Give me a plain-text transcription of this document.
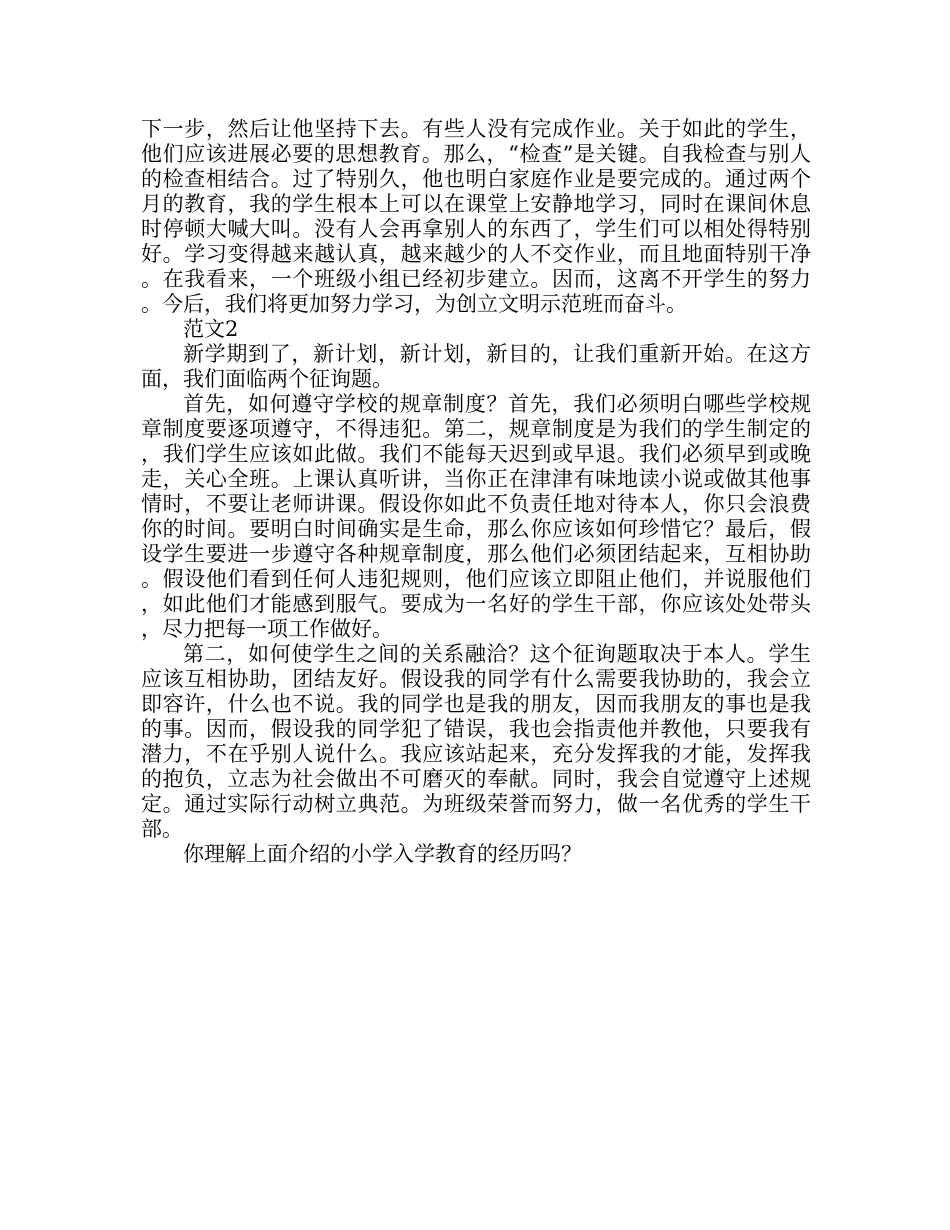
下一步，然后让他坚持下去。有些人没有完成作业。关于如此的学生，他们应该进展必要的思想教育。那么，“检查”是关键。自我检查与别人的检查相结合。过了特别久，他也明白家庭作业是要完成的。通过两个月的教育，我的学生根本上可以在课堂上安静地学习，同时在课间休息时停顿大喊大叫。没有人会再拿别人的东西了，学生们可以相处得特别好。学习变得越来越认真，越来越少的人不交作业，而且地面特别干净。在我看来，一个班级小组已经初步建立。因而，这离不开学生的努力。今后，我们将更加努力学习，为创立文明示范班而奋斗。

范文2

新学期到了，新计划，新计划，新目的，让我们重新开始。在这方面，我们面临两个征询题。

首先，如何遵守学校的规章制度？首先，我们必须明白哪些学校规章制度要逐项遵守，不得违犯。第二，规章制度是为我们的学生制定的，我们学生应该如此做。我们不能每天迟到或早退。我们必须早到或晚走，关心全班。上课认真听讲，当你正在津津有味地读小说或做其他事情时，不要让老师讲课。假设你如此不负责任地对待本人，你只会浪费你的时间。要明白时间确实是生命，那么你应该如何珍惜它？最后，假设学生要进一步遵守各种规章制度，那么他们必须团结起来，互相协助。假设他们看到任何人违犯规则，他们应该立即阻止他们，并说服他们，如此他们才能感到服气。要成为一名好的学生干部，你应该处处带头，尽力把每一项工作做好。

第二，如何使学生之间的关系融洽？这个征询题取决于本人。学生应该互相协助，团结友好。假设我的同学有什么需要我协助的，我会立即容许，什么也不说。我的同学也是我的朋友，因而我朋友的事也是我的事。因而，假设我的同学犯了错误，我也会指责他并教他，只要我有潜力，不在乎别人说什么。我应该站起来，充分发挥我的才能，发挥我的抱负，立志为社会做出不可磨灭的奉献。同时，我会自觉遵守上述规定。通过实际行动树立典范。为班级荣誉而努力，做一名优秀的学生干部。

你理解上面介绍的小学入学教育的经历吗？
